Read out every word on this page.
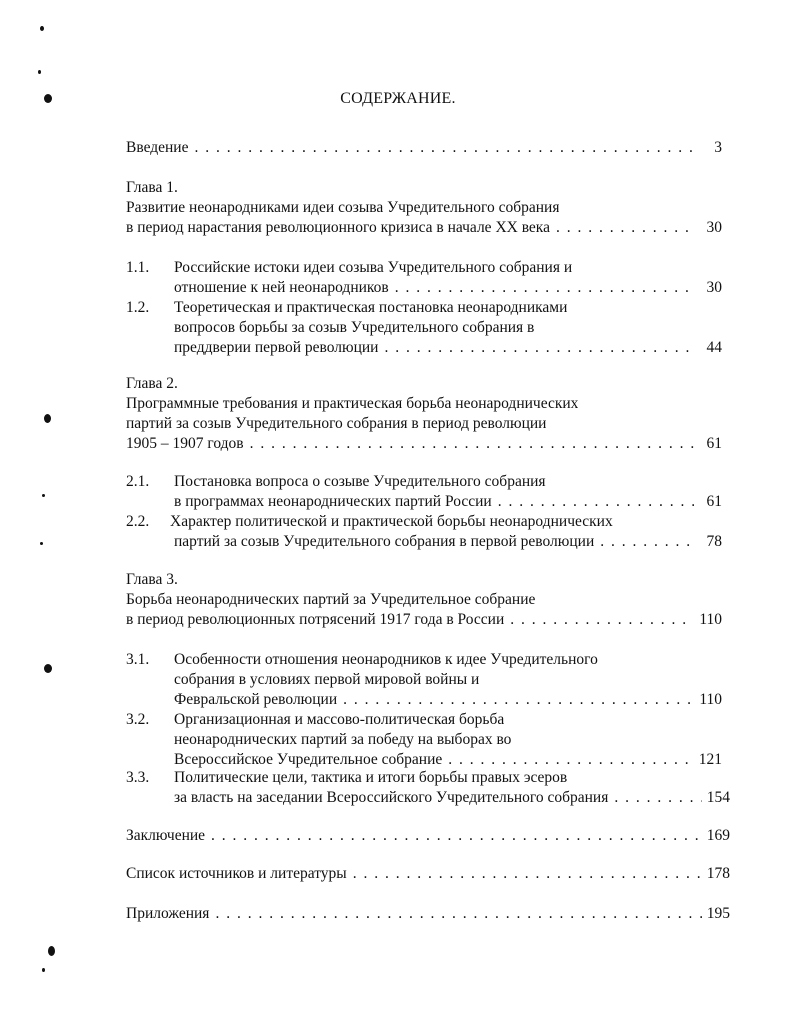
СОДЕРЖАНИЕ.
Введение . . .	3
Глава 1.
Развитие неонародниками идеи созыва Учредительного собрания
в период нарастания революционного кризиса в начале XX века . . .	30
1.1. Российские истоки идеи созыва Учредительного собрания и
отношение к ней неонародников . . .	30
1.2. Теоретическая и практическая постановка неонародниками
вопросов борьбы за созыв Учредительного собрания в
преддверии первой революции . . .	44
Глава 2.
Программные требования и практическая борьба неонароднических
партий за созыв Учредительного собрания в период революции
1905 – 1907 годов . . .	61
2.1. Постановка вопроса о созыве Учредительного собрания
в программах неонароднических партий России . . .	61
2.2. Характер политической и практической борьбы неонароднических
партий за созыв Учредительного собрания в первой революции . . .	78
Глава 3.
Борьба неонароднических партий за Учредительное собрание
в период революционных потрясений 1917 года в России . . .	110
3.1. Особенности отношения неонародников к идее Учредительного
собрания в условиях первой мировой войны и
Февральской революции . . .	110
3.2. Организационная и массово-политическая борьба
неонароднических партий за победу на выборах во
Всероссийское Учредительное собрание . . .	121
3.3. Политические цели, тактика и итоги борьбы правых эсеров
за власть на заседании Всероссийского Учредительного собрания . . .	154
Заключение . . .	169
Список источников и литературы . . .	178
Приложения . . .	195
